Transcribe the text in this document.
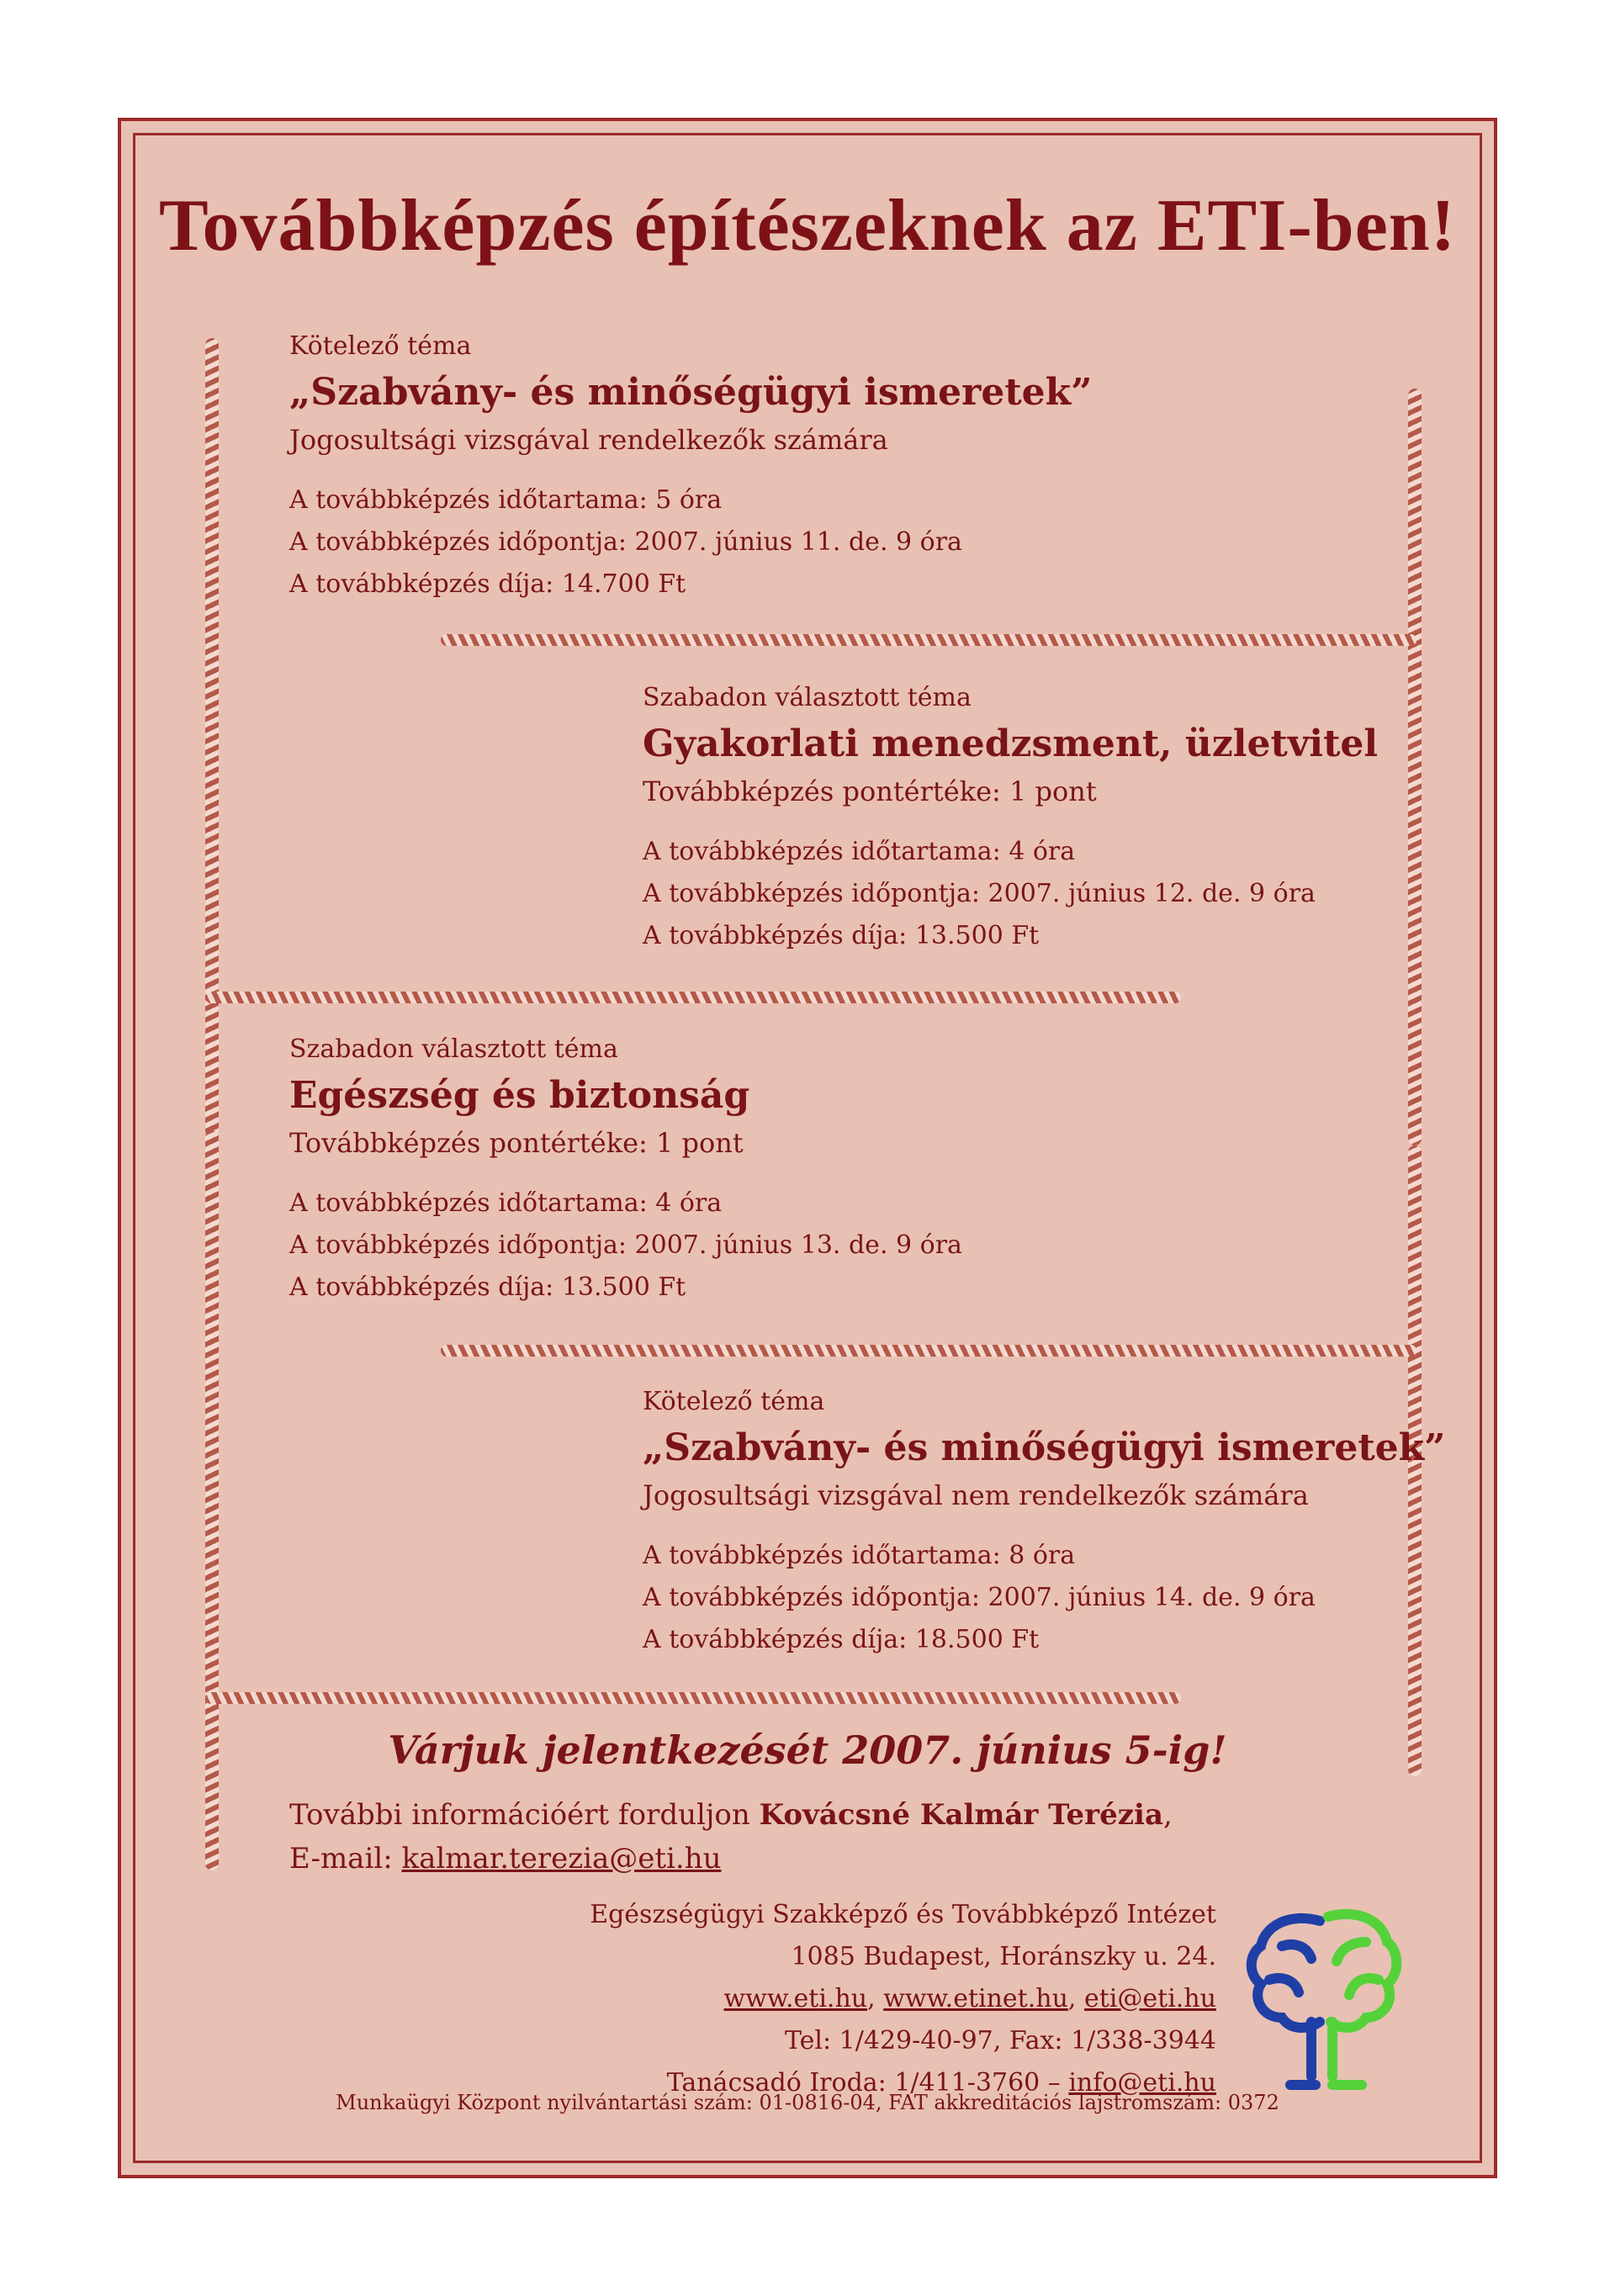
Továbbképzés építészeknek az ETI-ben!
Kötelező téma
„Szabvány- és minőségügyi ismeretek”
Jogosultsági vizsgával rendelkezők számára
A továbbképzés időtartama: 5 óra
A továbbképzés időpontja: 2007. június 11. de. 9 óra
A továbbképzés díja: 14.700 Ft
Szabadon választott téma
Gyakorlati menedzsment, üzletvitel
Továbbképzés pontértéke: 1 pont
A továbbképzés időtartama: 4 óra
A továbbképzés időpontja: 2007. június 12. de. 9 óra
A továbbképzés díja: 13.500 Ft
Szabadon választott téma
Egészség és biztonság
Továbbképzés pontértéke: 1 pont
A továbbképzés időtartama: 4 óra
A továbbképzés időpontja: 2007. június 13. de. 9 óra
A továbbképzés díja: 13.500 Ft
Kötelező téma
„Szabvány- és minőségügyi ismeretek”
Jogosultsági vizsgával nem rendelkezők számára
A továbbképzés időtartama: 8 óra
A továbbképzés időpontja: 2007. június 14. de. 9 óra
A továbbképzés díja: 18.500 Ft
Várjuk jelentkezését 2007. június 5-ig!
További információért forduljon Kovácsné Kalmár Terézia,
E-mail: kalmar.terezia@eti.hu
Egészségügyi Szakképző és Továbbképző Intézet
1085 Budapest, Horánszky u. 24.
www.eti.hu, www.etinet.hu, eti@eti.hu
Tel: 1/429-40-97, Fax: 1/338-3944
Tanácsadó Iroda: 1/411-3760 – info@eti.hu
Munkaügyi Központ nyilvántartási szám: 01-0816-04, FAT akkreditációs lajstromszám: 0372
